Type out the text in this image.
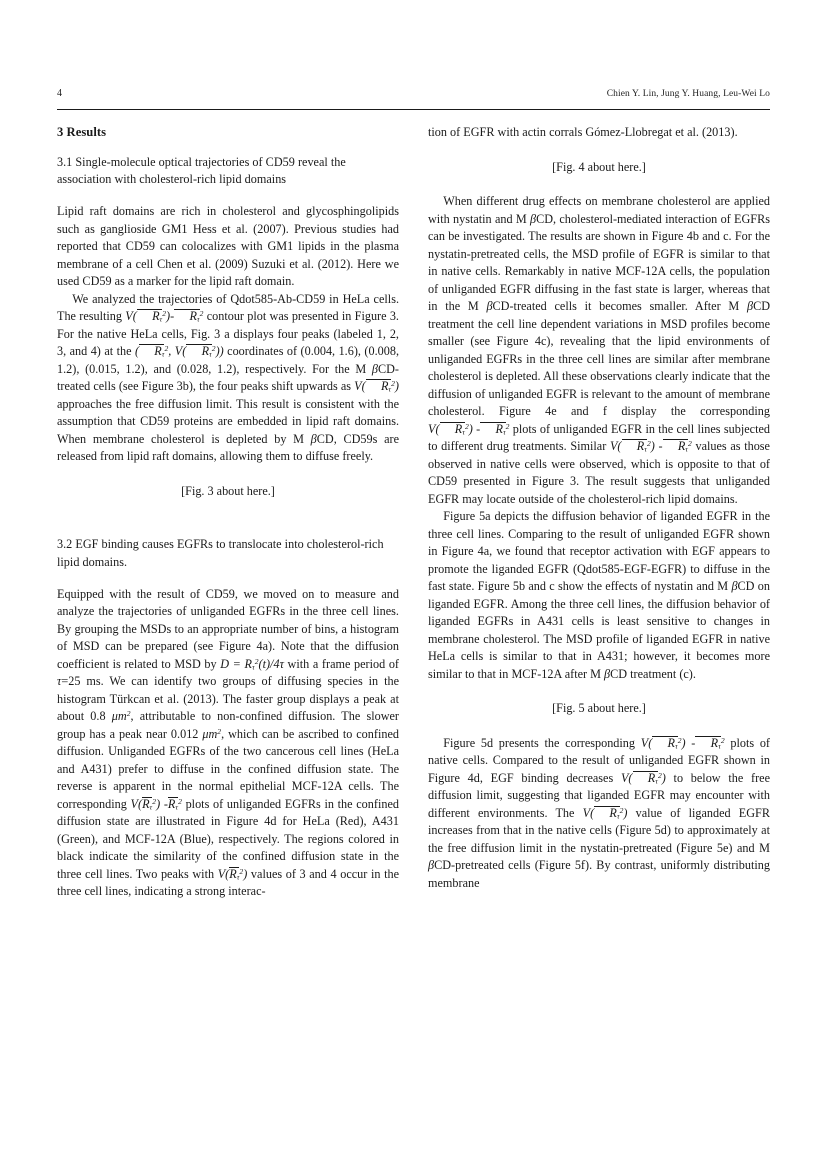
4	Chien Y. Lin, Jung Y. Huang, Leu-Wei Lo
3 Results
3.1 Single-molecule optical trajectories of CD59 reveal the association with cholesterol-rich lipid domains

Lipid raft domains are rich in cholesterol and glycosphingolipids such as ganglioside GM1 Hess et al. (2007). Previous studies had reported that CD59 can colocalizes with GM1 lipids in the plasma membrane of a cell Chen et al. (2009) Suzuki et al. (2012). Here we used CD59 as a marker for the lipid raft domain.

We analyzed the trajectories of Qdot585-Ab-CD59 in HeLa cells. The resulting V( $R_\tau^2)-$ $R_\tau^2$ contour plot was presented in Figure 3. For the native HeLa cells, Fig. 3 a displays four peaks (labeled 1, 2, 3, and 4) at the ( $R_\tau^2$, V( $R_\tau^2$)) coordinates of (0.004, 1.6), (0.008, 1.2), (0.015, 1.2), and (0.028, 1.2), respectively. For the M βCD-treated cells (see Figure 3b), the four peaks shift upwards as V( $R_\tau^2$) approaches the free diffusion limit. This result is consistent with the assumption that CD59 proteins are embedded in lipid raft domains. When membrane cholesterol is depleted by M βCD, CD59s are released from lipid raft domains, allowing them to diffuse freely.

[Fig. 3 about here.]

3.2 EGF binding causes EGFRs to translocate into cholesterol-rich lipid domains.

Equipped with the result of CD59, we moved on to measure and analyze the trajectories of unliganded EGFRs in the three cell lines. By grouping the MSDs to an appropriate number of bins, a histogram of MSD can be prepared (see Figure 4a). Note that the diffusion coefficient is related to MSD by $D = R_\tau^2(t)/4\tau$ with a frame period of τ=25 ms. We can identify two groups of diffusing species in the histogram Türkcan et al. (2013). The faster group displays a peak at about 0.8 $\mu m^2$, attributable to non-confined diffusion. The slower group has a peak near 0.012 $\mu m^2$, which can be ascribed to confined diffusion. Unliganded EGFRs of the two cancerous cell lines (HeLa and A431) prefer to diffuse in the confined diffusion state. The reverse is apparent in the normal epithelial MCF-12A cells. The corresponding $V(R_\tau^2)$ $-R_\tau^2$ plots of unliganded EGFRs in the confined diffusion state are illustrated in Figure 4d for HeLa (Red), A431 (Green), and MCF-12A (Blue), respectively. The regions colored in black indicate the similarity of the confined diffusion state in the three cell lines. Two peaks with $V(R_\tau^2)$ values of 3 and 4 occur in the three cell lines, indicating a strong interac-

tion of EGFR with actin corrals Gómez-Llobregat et al. (2013).

[Fig. 4 about here.]

When different drug effects on membrane cholesterol are applied with nystatin and M βCD, cholesterol-mediated interaction of EGFRs can be investigated. The results are shown in Figure 4b and c. For the nystatin-pretreated cells, the MSD profile of EGFR is similar to that in native cells. Remarkably in native MCF-12A cells, the population of unliganded EGFR diffusing in the fast state is larger, whereas that in the M βCD-treated cells it becomes smaller. After M βCD treatment the cell line dependent variations in MSD profiles become smaller (see Figure 4c), revealing that the lipid environments of unliganded EGFRs in the three cell lines are similar after membrane cholesterol is depleted. All these observations clearly indicate that the diffusion of unliganded EGFR is relevant to the amount of membrane cholesterol. Figure 4e and f display the corresponding V( $R_\tau^2) - R_\tau^2$ plots of unliganded EGFR in the cell lines subjected to different drug treatments. Similar V( $R_\tau^2) - R_\tau^2$ values as those observed in native cells were observed, which is opposite to that of CD59 presented in Figure 3. The result suggests that unliganded EGFR may locate outside of the cholesterol-rich lipid domains.

Figure 5a depicts the diffusion behavior of liganded EGFR in the three cell lines. Comparing to the result of unliganded EGFR shown in Figure 4a, we found that receptor activation with EGF appears to promote the liganded EGFR (Qdot585-EGF-EGFR) to diffuse in the fast state. Figure 5b and c show the effects of nystatin and M βCD on liganded EGFR. Among the three cell lines, the diffusion behavior of liganded EGFRs in A431 cells is least sensitive to changes in membrane cholesterol. The MSD profile of liganded EGFR in native HeLa cells is similar to that in A431; however, it becomes more similar to that in MCF-12A after M βCD treatment (c).

[Fig. 5 about here.]

Figure 5d presents the corresponding V( $R_\tau^2) - R_\tau^2$ plots of native cells. Compared to the result of unliganded EGFR shown in Figure 4d, EGF binding decreases V( $R_\tau^2$) to below the free diffusion limit, suggesting that liganded EGFR may encounter with different environments. The V( $R_\tau^2$) value of liganded EGFR increases from that in the native cells (Figure 5d) to approximately at the free diffusion limit in the nystatin-pretreated (Figure 5e) and M βCD-pretreated cells (Figure 5f). By contrast, uniformly distributing membrane
